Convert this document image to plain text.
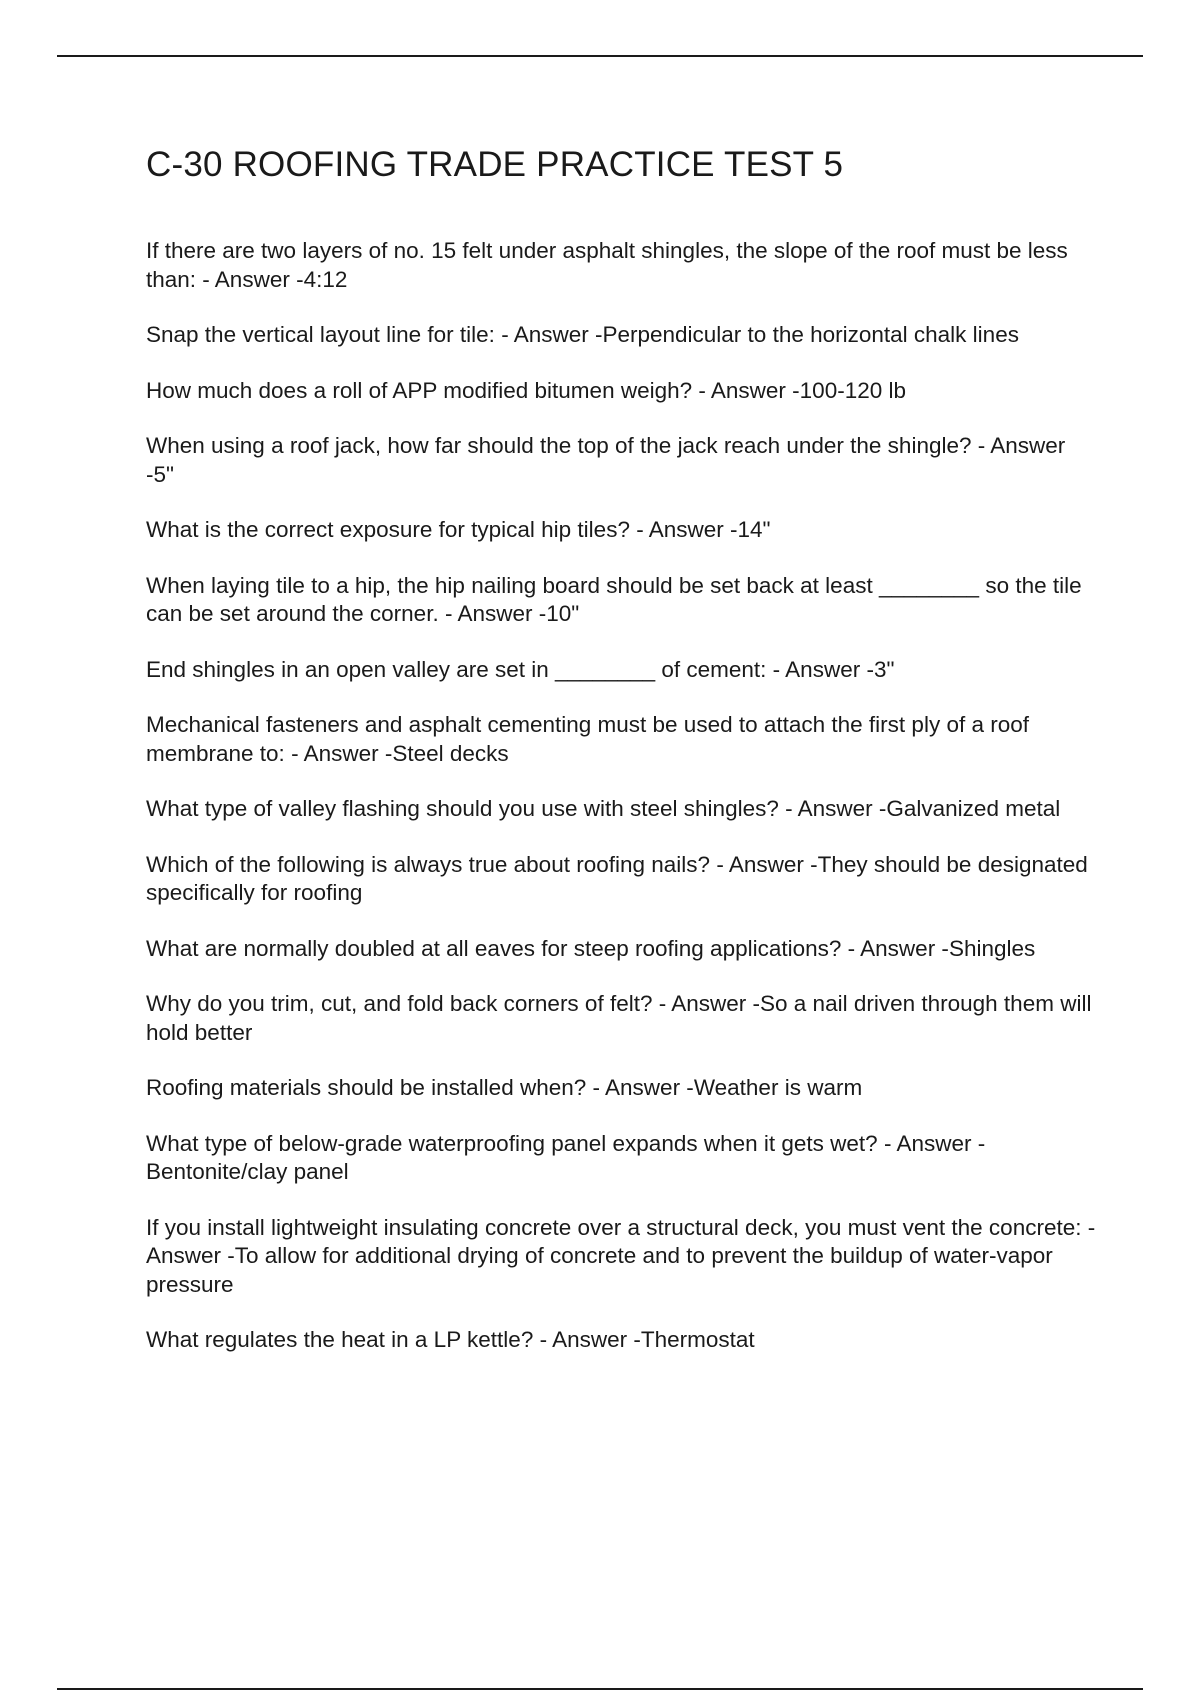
C-30 ROOFING TRADE PRACTICE TEST 5
If there are two layers of no. 15 felt under asphalt shingles, the slope of the roof must be less than: - Answer -4:12
Snap the vertical layout line for tile: - Answer -Perpendicular to the horizontal chalk lines
How much does a roll of APP modified bitumen weigh? - Answer -100-120 lb
When using a roof jack, how far should the top of the jack reach under the shingle? - Answer -5"
What is the correct exposure for typical hip tiles? - Answer -14"
When laying tile to a hip, the hip nailing board should be set back at least ________ so the tile can be set around the corner. - Answer -10"
End shingles in an open valley are set in ________ of cement: - Answer -3"
Mechanical fasteners and asphalt cementing must be used to attach the first ply of a roof membrane to: - Answer -Steel decks
What type of valley flashing should you use with steel shingles? - Answer -Galvanized metal
Which of the following is always true about roofing nails? - Answer -They should be designated specifically for roofing
What are normally doubled at all eaves for steep roofing applications? - Answer -Shingles
Why do you trim, cut, and fold back corners of felt? - Answer -So a nail driven through them will hold better
Roofing materials should be installed when? - Answer -Weather is warm
What type of below-grade waterproofing panel expands when it gets wet? - Answer -Bentonite/clay panel
If you install lightweight insulating concrete over a structural deck, you must vent the concrete: - Answer -To allow for additional drying of concrete and to prevent the buildup of water-vapor pressure
What regulates the heat in a LP kettle? - Answer -Thermostat
